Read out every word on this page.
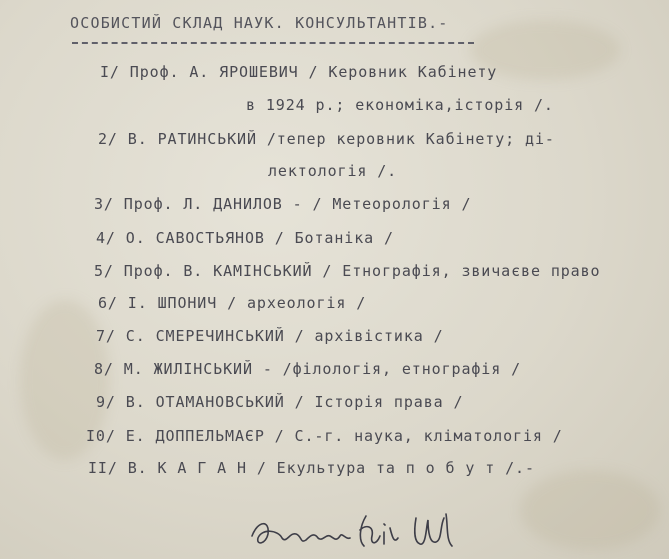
ОСОБИСТИЙ СКЛАД НАУК. КОНСУЛЬТАНТІВ.-
І/ Проф. А. ЯРОШЕВИЧ / Керовник Кабінету
в 1924 р.; економіка,історія /.
2/ В. РАТИНСЬКИЙ /тепер керовник Кабінету; ді-
лектологія /.
3/ Проф. Л. ДАНИЛОВ - / Метеорологія /
4/ О. САВОСТЬЯНОВ / Ботаніка /
5/ Проф. В. КАМІНСЬКИЙ / Етнографія, звичаєве право
6/ І. ШПОНИЧ / археологія /
7/ С. СМЕРЕЧИНСЬКИЙ / архівістика /
8/ М. ЖИЛІНСЬКИЙ - /філологія, етнографія /
9/ В. ОТАМАНОВСЬКИЙ / Історія права /
І0/ Е. ДОППЕЛЬМАЄР / С.-г. наука, кліматологія /
ІІ/ В. К А Г А Н / Екультура та п о б у т /.-
